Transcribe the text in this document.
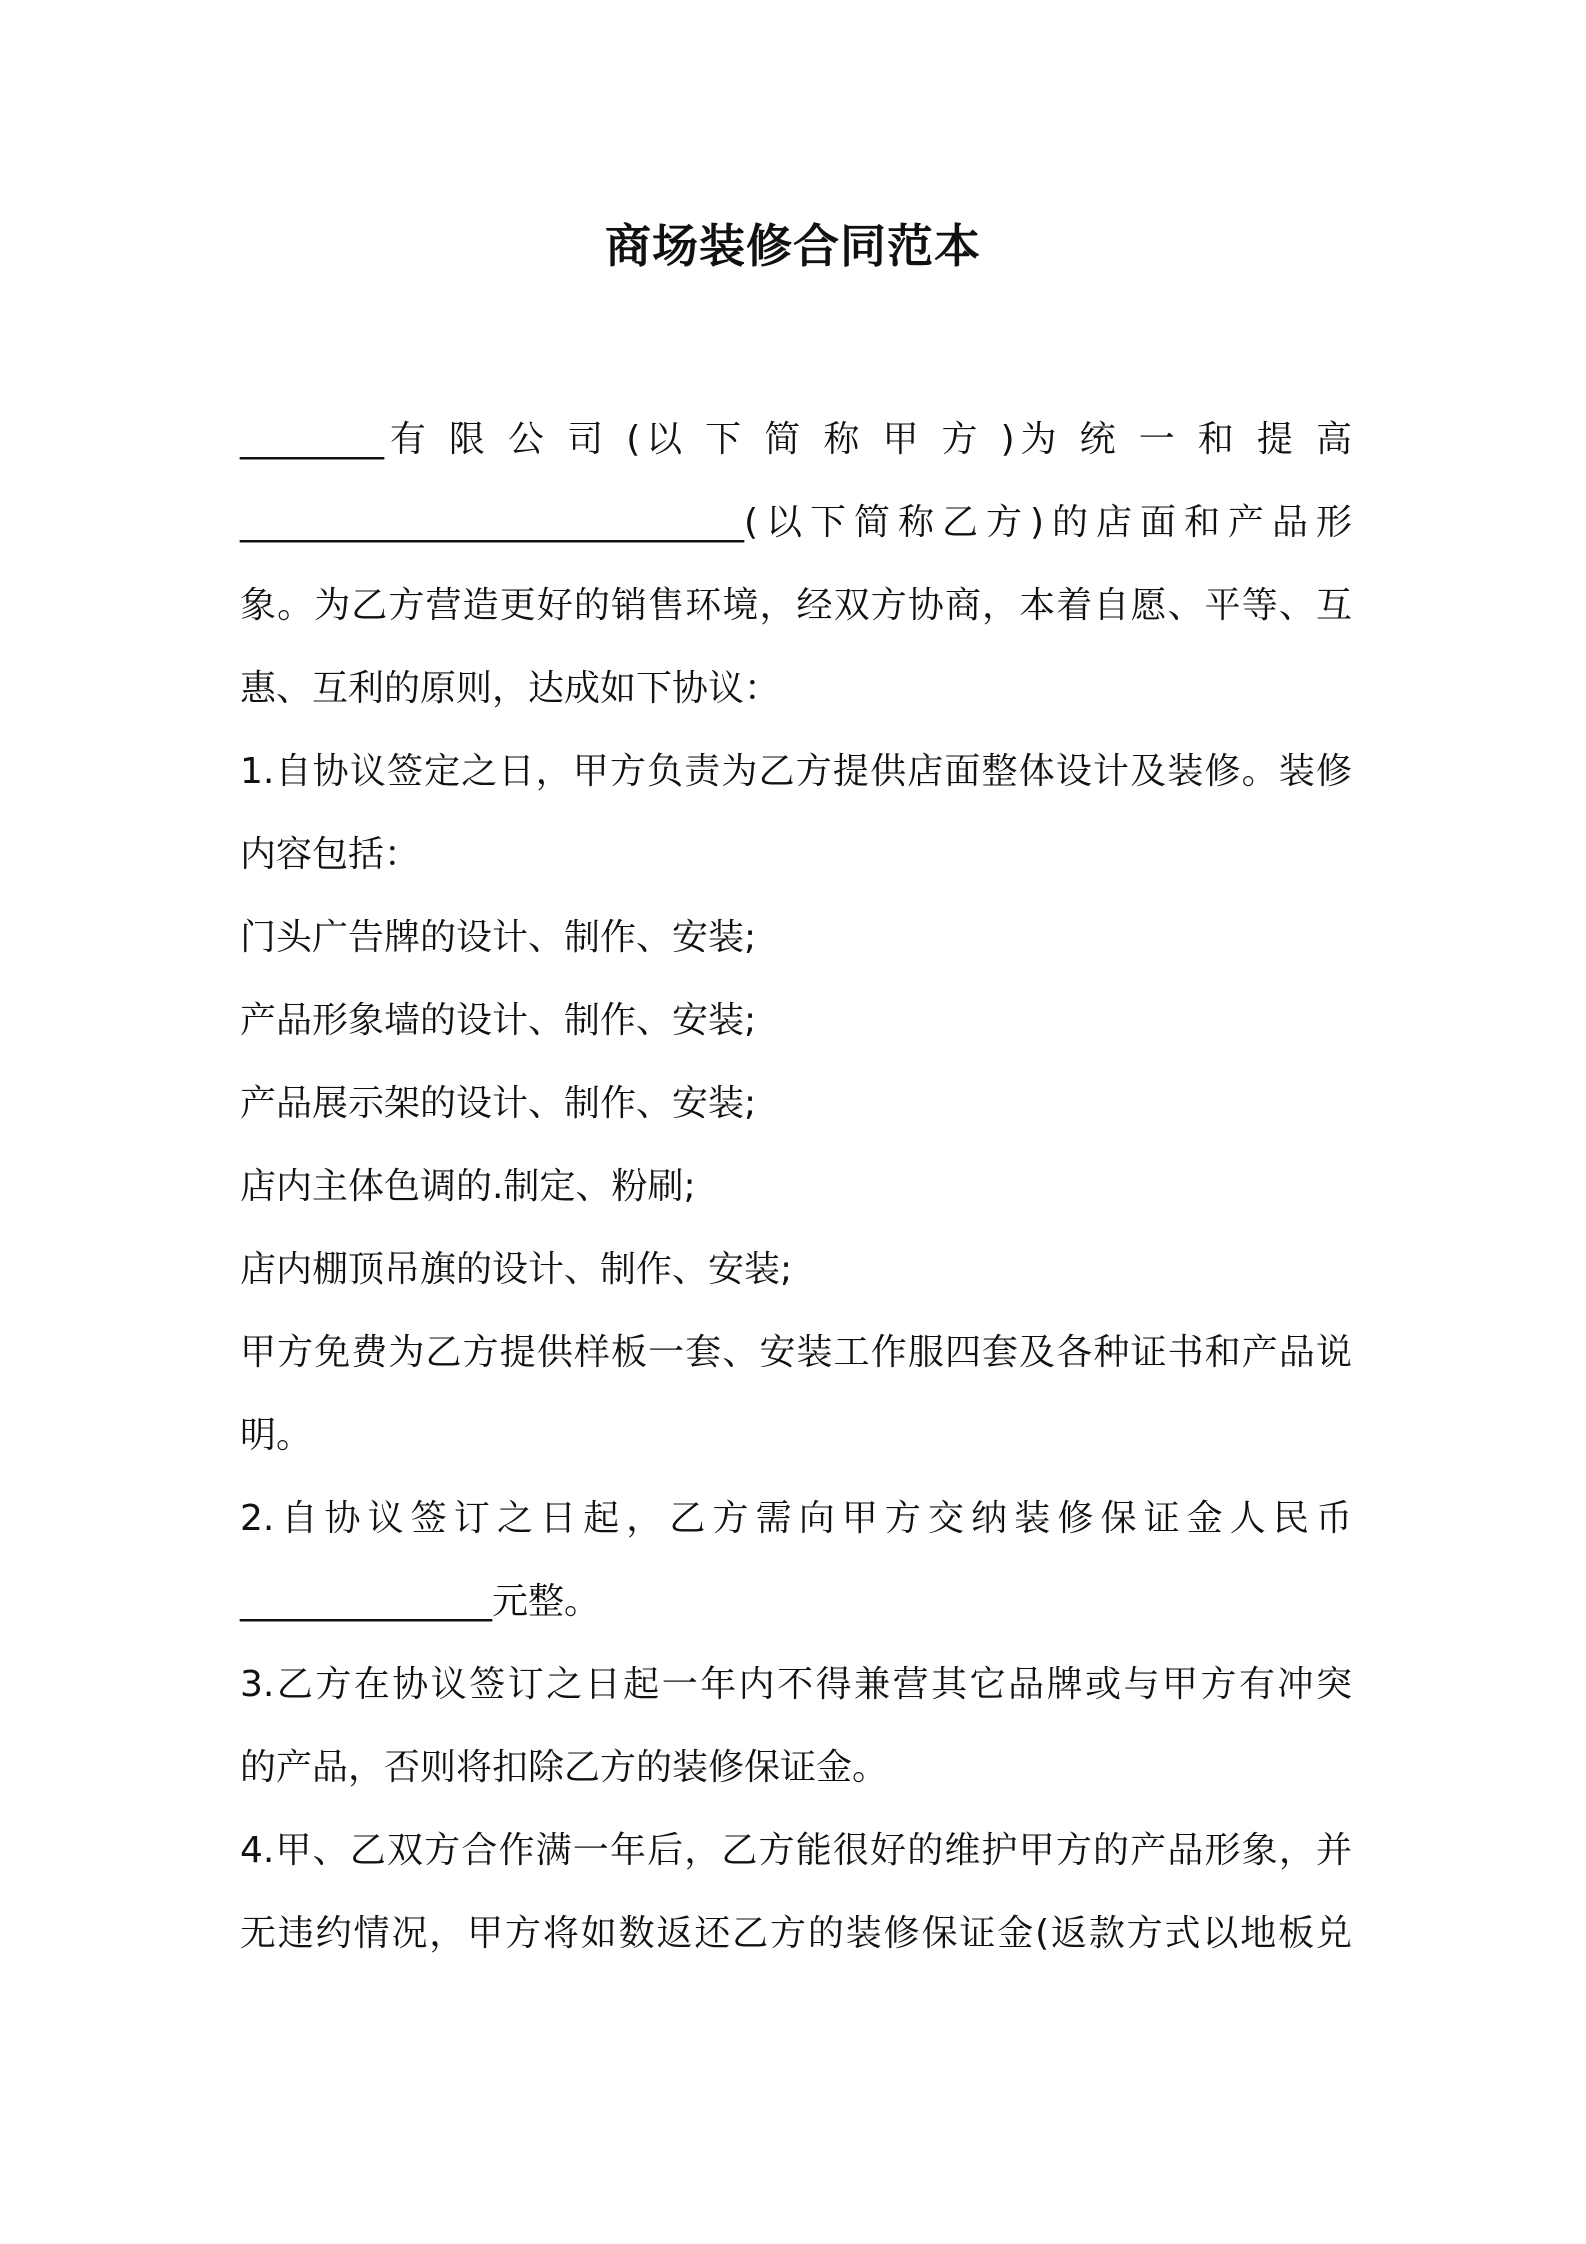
商场装修合同范本
________有 限 公 司 (以 下 简 称 甲 方 )为 统 一 和 提 高
____________________________(以下简称乙方)的店面和产品形
象。为乙方营造更好的销售环境，经双方协商，本着自愿、平等、互
惠、互利的原则，达成如下协议：
1.自协议签定之日，甲方负责为乙方提供店面整体设计及装修。装修
内容包括：
门头广告牌的设计、制作、安装;
产品形象墙的设计、制作、安装;
产品展示架的设计、制作、安装;
店内主体色调的.制定、粉刷;
店内棚顶吊旗的设计、制作、安装;
甲方免费为乙方提供样板一套、安装工作服四套及各种证书和产品说
明。
2.自协议签订之日起，乙方需向甲方交纳装修保证金人民币
______________元整。
3.乙方在协议签订之日起一年内不得兼营其它品牌或与甲方有冲突
的产品，否则将扣除乙方的装修保证金。
4.甲、乙双方合作满一年后，乙方能很好的维护甲方的产品形象，并
无违约情况，甲方将如数返还乙方的装修保证金(返款方式以地板兑
